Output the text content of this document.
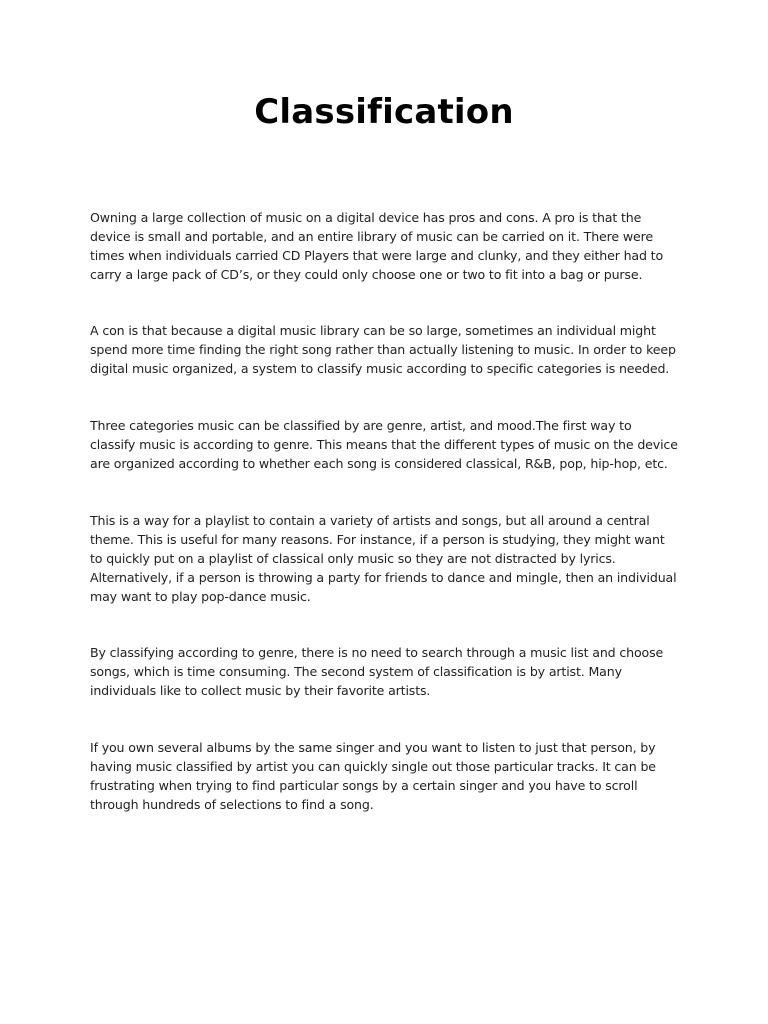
Classification

Owning a large collection of music on a digital device has pros and cons. A pro is that the device is small and portable, and an entire library of music can be carried on it. There were times when individuals carried CD Players that were large and clunky, and they either had to carry a large pack of CD’s, or they could only choose one or two to fit into a bag or purse.

A con is that because a digital music library can be so large, sometimes an individual might spend more time finding the right song rather than actually listening to music. In order to keep digital music organized, a system to classify music according to specific categories is needed.

Three categories music can be classified by are genre, artist, and mood.The first way to classify music is according to genre. This means that the different types of music on the device are organized according to whether each song is considered classical, R&B, pop, hip-hop, etc.

This is a way for a playlist to contain a variety of artists and songs, but all around a central theme. This is useful for many reasons. For instance, if a person is studying, they might want to quickly put on a playlist of classical only music so they are not distracted by lyrics. Alternatively, if a person is throwing a party for friends to dance and mingle, then an individual may want to play pop-dance music.

By classifying according to genre, there is no need to search through a music list and choose songs, which is time consuming. The second system of classification is by artist. Many individuals like to collect music by their favorite artists.

If you own several albums by the same singer and you want to listen to just that person, by having music classified by artist you can quickly single out those particular tracks. It can be frustrating when trying to find particular songs by a certain singer and you have to scroll through hundreds of selections to find a song.
